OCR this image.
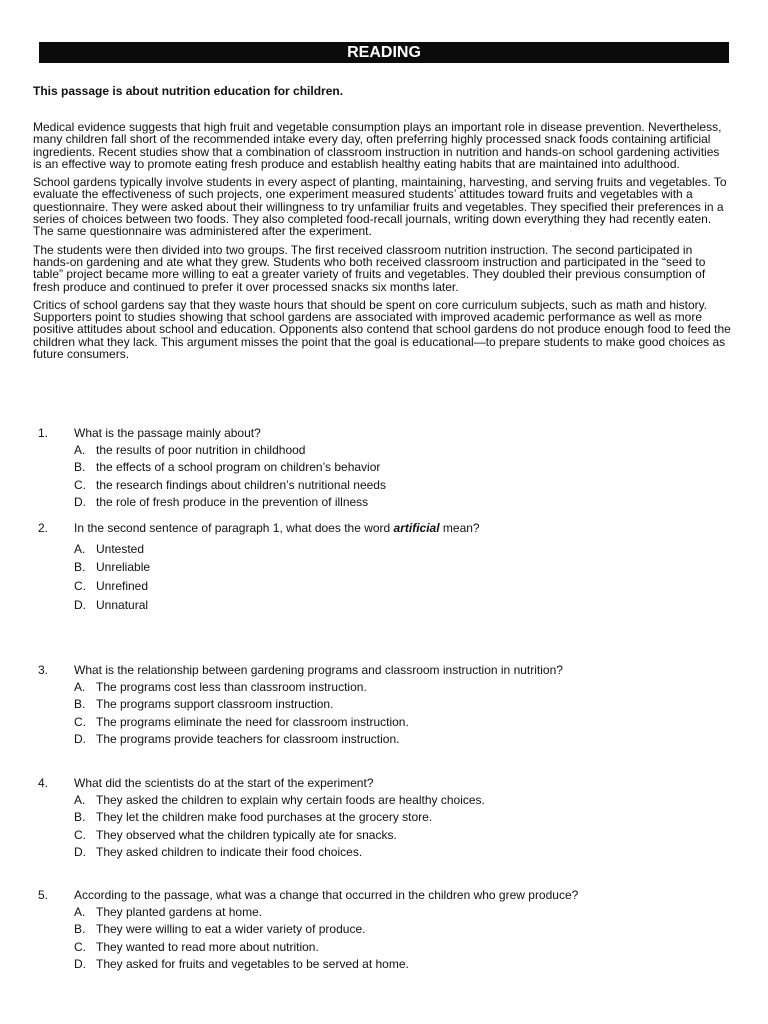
READING
This passage is about nutrition education for children.

Medical evidence suggests that high fruit and vegetable consumption plays an important role in disease prevention. Nevertheless, many children fall short of the recommended intake every day, often preferring highly processed snack foods containing artificial ingredients. Recent studies show that a combination of classroom instruction in nutrition and hands-on school gardening activities is an effective way to promote eating fresh produce and establish healthy eating habits that are maintained into adulthood.

School gardens typically involve students in every aspect of planting, maintaining, harvesting, and serving fruits and vegetables. To evaluate the effectiveness of such projects, one experiment measured students’ attitudes toward fruits and vegetables with a questionnaire. They were asked about their willingness to try unfamiliar fruits and vegetables. They specified their preferences in a series of choices between two foods. They also completed food-recall journals, writing down everything they had recently eaten. The same questionnaire was administered after the experiment.

The students were then divided into two groups. The first received classroom nutrition instruction. The second participated in hands-on gardening and ate what they grew. Students who both received classroom instruction and participated in the “seed to table” project became more willing to eat a greater variety of fruits and vegetables. They doubled their previous consumption of fresh produce and continued to prefer it over processed snacks six months later.

Critics of school gardens say that they waste hours that should be spent on core curriculum subjects, such as math and history. Supporters point to studies showing that school gardens are associated with improved academic performance as well as more positive attitudes about school and education. Opponents also contend that school gardens do not produce enough food to feed the children what they lack. This argument misses the point that the goal is educational—to prepare students to make good choices as future consumers.

1.	What is the passage mainly about?
A. the results of poor nutrition in childhood
B. the effects of a school program on children’s behavior
C. the research findings about children’s nutritional needs
D. the role of fresh produce in the prevention of illness
2.	In the second sentence of paragraph 1, what does the word artificial mean?
A. Untested
B. Unreliable
C. Unrefined
D. Unnatural
3.	What is the relationship between gardening programs and classroom instruction in nutrition?
A. The programs cost less than classroom instruction.
B. The programs support classroom instruction.
C. The programs eliminate the need for classroom instruction.
D. The programs provide teachers for classroom instruction.
4.	What did the scientists do at the start of the experiment?
A. They asked the children to explain why certain foods are healthy choices.
B. They let the children make food purchases at the grocery store.
C. They observed what the children typically ate for snacks.
D. They asked children to indicate their food choices.
5.	According to the passage, what was a change that occurred in the children who grew produce?
A. They planted gardens at home.
B. They were willing to eat a wider variety of produce.
C. They wanted to read more about nutrition.
D. They asked for fruits and vegetables to be served at home.
